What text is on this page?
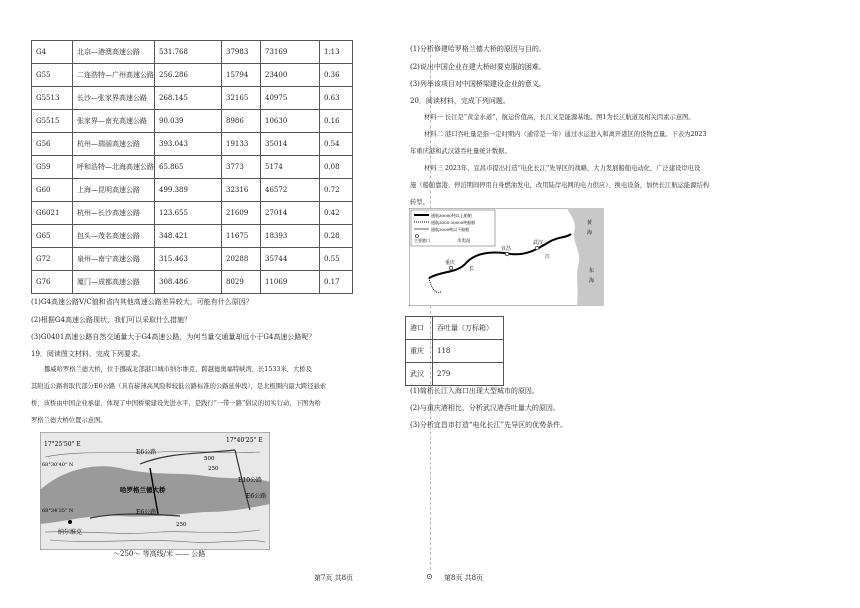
G4	北京—港澳高速公路	531.768	37983	73169	1.13
G55	二连浩特—广州高速公路	256.286	15794	23400	0.36
G5513	长沙—张家界高速公路	268.145	32165	40975	0.63
G5515	张家界—南充高速公路	90.039	8986	10630	0.16
G56	杭州—瑞丽高速公路	393.043	19133	35014	0.54
G59	呼和浩特—北海高速公路	65.865	3773	5174	0.08
G60	上海—昆明高速公路	499.389	32316	46572	0.72
G6021	杭州—长沙高速公路	123.655	21609	27014	0.42
G65	包头—茂名高速公路	348.421	11675	18393	0.28
G72	泉州—南宁高速公路	315.463	20288	35744	0.55
G76	厦门—成都高速公路	308.486	8029	11069	0.17
(1)G4高速公路V/C值和省内其他高速公路差异较大，可能有什么原因？
(2)根据G4高速公路现状，我们可以采取什么措施？
(3)G0401高速公路自然交通量大于G4高速公路，为何当量交通量却远小于G4高速公路呢？
19．阅读图文材料，完成下列要求。
挪威哈罗格兰德大桥，位于挪威北部港口城市纳尔维克，跨越德奥福特峡湾，长1533米，大桥及
其附近公路将取代部分E6公路（具有崭薄高风险和较低公路标准的公路延伸段），是北极圈内最大跨径悬索
桥，该桥由中国企业承建，体现了中国桥梁建设先进水平，是践行“一带一路”倡议的切实行动，下图为哈
罗格兰德大桥位置示意图。
17°25'50" E
17°40'25" E
68°30'40" N
68°34'35" N
E6公路
500
250
E10公路
E6公路
哈罗格兰德大桥
E6公路
250
纳尔维克
～250～ 等高线/米 —— 公路
(1)分析修建哈罗格兰德大桥的原因与目的。
(2)说出中国企业在建大桥时要克服的困难。
(3)列举该项目对中国桥梁建设企业的意义。
20．阅读材料，完成下列问题。
材料一 长江是“黄金水道”，航运价值高，长江又是能源基地。图1为长江航道及相关因素示意图。
材料二 港口吞吐量是指一定时期内（通常是一年）通过水运进入和离开港区的货物总量。下表为2023
年重庆港和武汉港吞吐量统计数据。
材料三 2023年，宜昌市提出打造“电化长江”先导区的战略，大力发展船舶电动化，广泛建设岸电设
施（船舶靠港、停泊期间停用自身燃油发电，改用陆岸电网的电力供应）、换电设备，加快长江航运能源结构
转型。
通航30000吨以上船舶
通航3000-30000吨船舶
通航3000吨以下船舶
主要港口	水电站
重庆
宜昌
武汉
长
江
黄
海
东
海
港口	吞吐量（万标箱）
重庆	118
武汉	279
(1)简析长江入海口出现大型城市的原因。
(2)与重庆港相比，分析武汉港吞吐量大的原因。
(3)分析宜昌市打造“电化长江”先导区的优势条件。
第7页 共8页	⊙ 第8页 共8页
